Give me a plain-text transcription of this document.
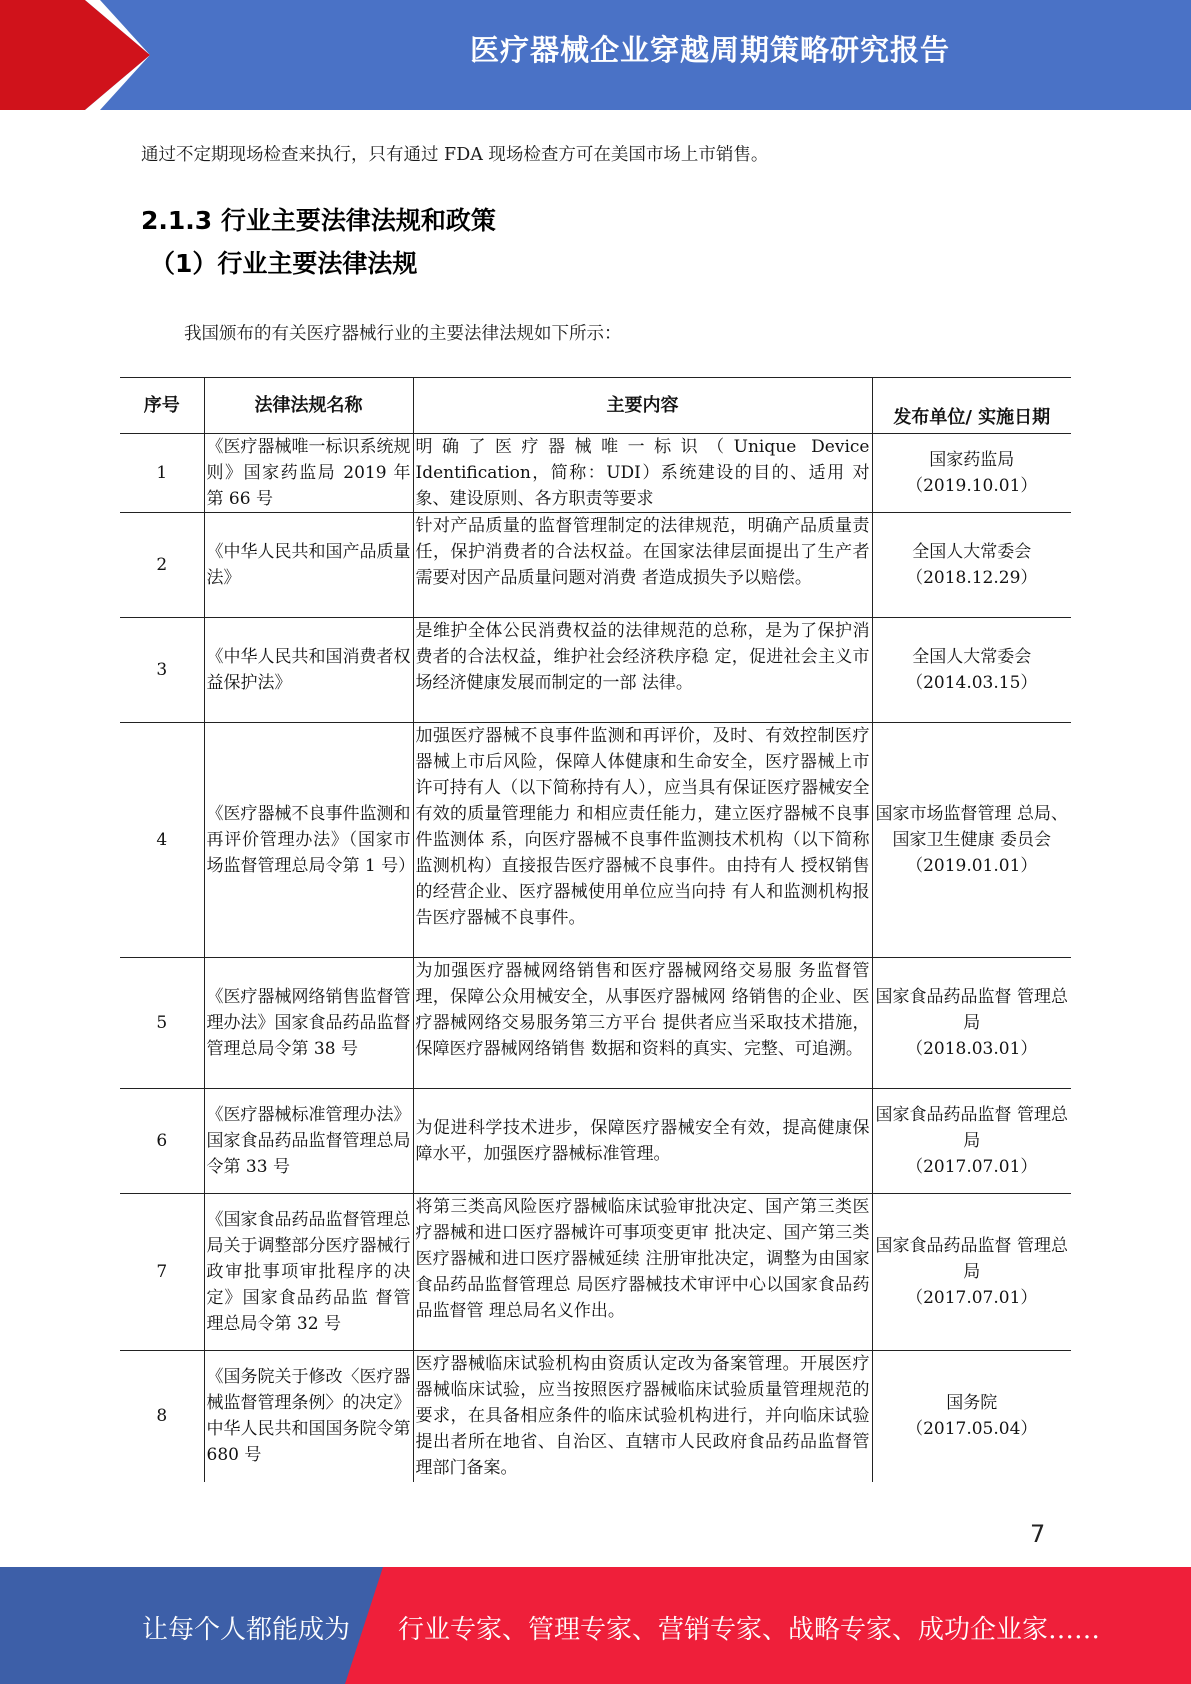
医疗器械企业穿越周期策略研究报告
通过不定期现场检查来执行，只有通过 FDA 现场检查方可在美国市场上市销售。
2.1.3 行业主要法律法规和政策
（1）行业主要法律法规
我国颁布的有关医疗器械行业的主要法律法规如下所示：
序号	法律法规名称	主要内容	发布单位/ 实施日期
1	《医疗器械唯一标识系统规则》国家药监局 2019 年第 66 号	明确了医疗器械唯一标识（Unique Device Identification，简称：UDI）系统建设的目的、适用 对象、建设原则、各方职责等要求	国家药监局
（2019.10.01）

2	《中华人民共和国产品质量法》	针对产品质量的监督管理制定的法律规范，明确产品质量责任，保护消费者的合法权益。在国家法律层面提出了生产者需要对因产品质量问题对消费 者造成损失予以赔偿。	全国人大常委会
（2018.12.29）

3	《中华人民共和国消费者权益保护法》	是维护全体公民消费权益的法律规范的总称，是为了保护消费者的合法权益，维护社会经济秩序稳 定，促进社会主义市场经济健康发展而制定的一部 法律。	全国人大常委会
（2014.03.15）

4	《医疗器械不良事件监测和再评价管理办法》（国家市场监督管理总局令第 1 号）	加强医疗器械不良事件监测和再评价，及时、有效控制医疗器械上市后风险，保障人体健康和生命安全，医疗器械上市许可持有人（以下简称持有人），应当具有保证医疗器械安全有效的质量管理能力 和相应责任能力，建立医疗器械不良事件监测体 系，向医疗器械不良事件监测技术机构（以下简称 监测机构）直接报告医疗器械不良事件。由持有人 授权销售的经营企业、医疗器械使用单位应当向持 有人和监测机构报告医疗器械不良事件。	国家市场监督管理 总局、国家卫生健康 委员会
（2019.01.01）

5	《医疗器械网络销售监督管理办法》国家食品药品监督管理总局令第 38 号	为加强医疗器械网络销售和医疗器械网络交易服 务监督管理，保障公众用械安全，从事医疗器械网 络销售的企业、医疗器械网络交易服务第三方平台 提供者应当采取技术措施，保障医疗器械网络销售 数据和资料的真实、完整、可追溯。	国家食品药品监督 管理总局
（2018.03.01）

6	《医疗器械标准管理办法》国家食品药品监督管理总局令第 33 号	为促进科学技术进步，保障医疗器械安全有效，提高健康保障水平，加强医疗器械标准管理。	国家食品药品监督 管理总局
（2017.07.01）

7	《国家食品药品监督管理总局关于调整部分医疗器械行政审批事项审批程序的决定》国家食品药品监 督管理总局令第 32 号	将第三类高风险医疗器械临床试验审批决定、国产第三类医疗器械和进口医疗器械许可事项变更审 批决定、国产第三类医疗器械和进口医疗器械延续 注册审批决定，调整为由国家食品药品监督管理总 局医疗器械技术审评中心以国家食品药品监督管 理总局名义作出。	国家食品药品监督 管理总局
（2017.07.01）

8	《国务院关于修改〈医疗器械监督管理条例〉的决定》中华人民共和国国务院令第 680 号	医疗器械临床试验机构由资质认定改为备案管理。开展医疗器械临床试验，应当按照医疗器械临床试验质量管理规范的要求，在具备相应条件的临床试验机构进行，并向临床试验提出者所在地省、自治区、直辖市人民政府食品药品监督管理部门备案。	国务院
（2017.05.04）
7
让每个人都能成为 行业专家、管理专家、营销专家、战略专家、成功企业家……
